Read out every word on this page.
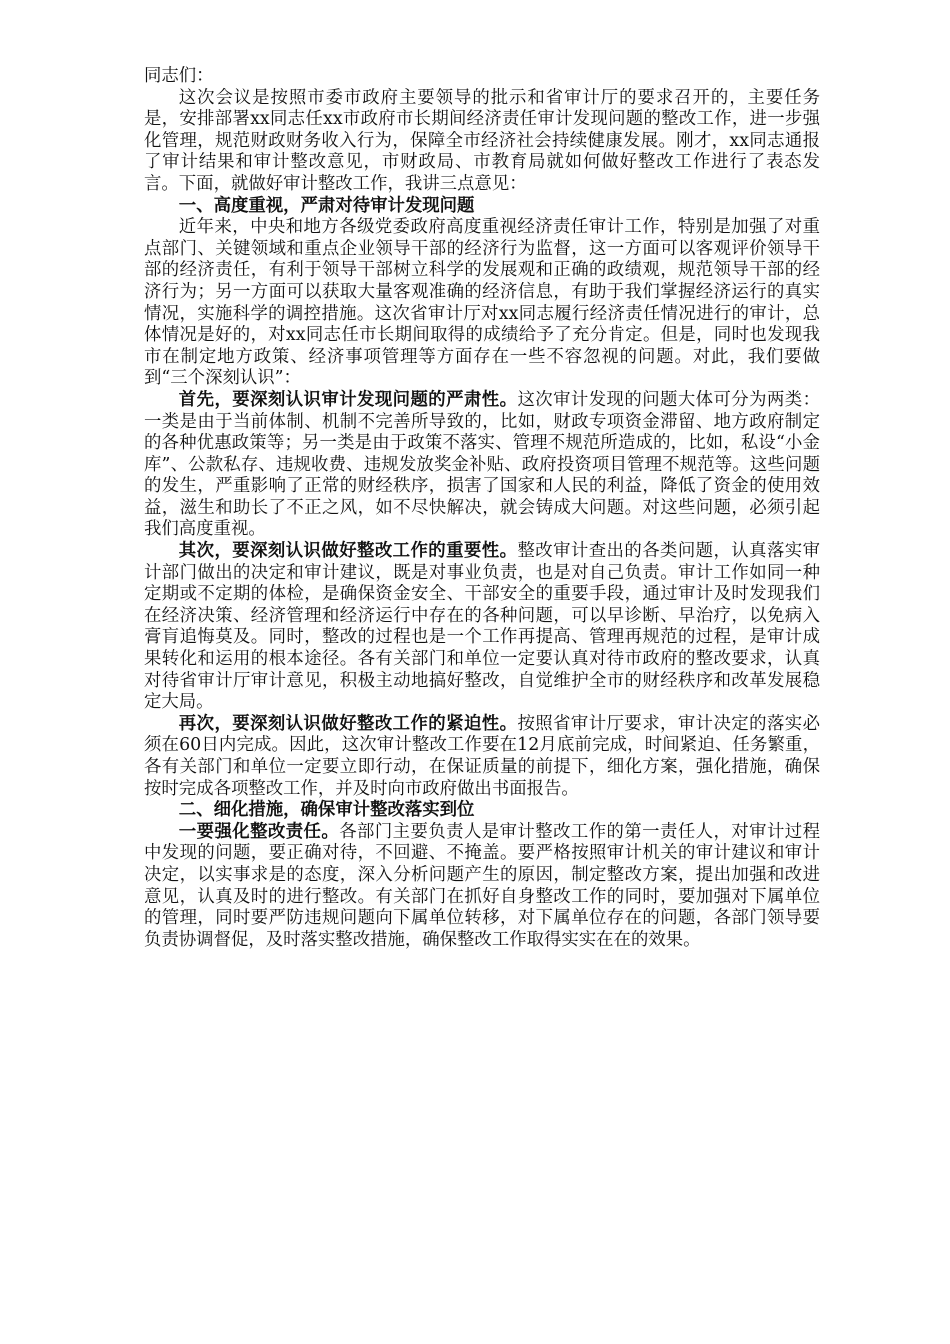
同志们：

这次会议是按照市委市政府主要领导的批示和省审计厅的要求召开的，主要任务是，安排部署xx同志任xx市政府市长期间经济责任审计发现问题的整改工作，进一步强化管理，规范财政财务收入行为，保障全市经济社会持续健康发展。刚才，xx同志通报了审计结果和审计整改意见，市财政局、市教育局就如何做好整改工作进行了表态发言。下面，就做好审计整改工作，我讲三点意见：

一、高度重视，严肃对待审计发现问题

近年来，中央和地方各级党委政府高度重视经济责任审计工作，特别是加强了对重点部门、关键领域和重点企业领导干部的经济行为监督，这一方面可以客观评价领导干部的经济责任，有利于领导干部树立科学的发展观和正确的政绩观，规范领导干部的经济行为；另一方面可以获取大量客观准确的经济信息，有助于我们掌握经济运行的真实情况，实施科学的调控措施。这次省审计厅对xx同志履行经济责任情况进行的审计，总体情况是好的，对xx同志任市长期间取得的成绩给予了充分肯定。但是，同时也发现我市在制定地方政策、经济事项管理等方面存在一些不容忽视的问题。对此，我们要做到“三个深刻认识”：

首先，要深刻认识审计发现问题的严肃性。这次审计发现的问题大体可分为两类：一类是由于当前体制、机制不完善所导致的，比如，财政专项资金滞留、地方政府制定的各种优惠政策等；另一类是由于政策不落实、管理不规范所造成的，比如，私设“小金库”、公款私存、违规收费、违规发放奖金补贴、政府投资项目管理不规范等。这些问题的发生，严重影响了正常的财经秩序，损害了国家和人民的利益，降低了资金的使用效益，滋生和助长了不正之风，如不尽快解决，就会铸成大问题。对这些问题，必须引起我们高度重视。

其次，要深刻认识做好整改工作的重要性。整改审计查出的各类问题，认真落实审计部门做出的决定和审计建议，既是对事业负责，也是对自己负责。审计工作如同一种定期或不定期的体检，是确保资金安全、干部安全的重要手段，通过审计及时发现我们在经济决策、经济管理和经济运行中存在的各种问题，可以早诊断、早治疗，以免病入膏肓追悔莫及。同时，整改的过程也是一个工作再提高、管理再规范的过程，是审计成果转化和运用的根本途径。各有关部门和单位一定要认真对待市政府的整改要求，认真对待省审计厅审计意见，积极主动地搞好整改，自觉维护全市的财经秩序和改革发展稳定大局。

再次，要深刻认识做好整改工作的紧迫性。按照省审计厅要求，审计决定的落实必须在60日内完成。因此，这次审计整改工作要在12月底前完成，时间紧迫、任务繁重，各有关部门和单位一定要立即行动，在保证质量的前提下，细化方案，强化措施，确保按时完成各项整改工作，并及时向市政府做出书面报告。

二、细化措施，确保审计整改落实到位

一要强化整改责任。各部门主要负责人是审计整改工作的第一责任人，对审计过程中发现的问题，要正确对待，不回避、不掩盖。要严格按照审计机关的审计建议和审计决定，以实事求是的态度，深入分析问题产生的原因，制定整改方案，提出加强和改进意见，认真及时的进行整改。有关部门在抓好自身整改工作的同时，要加强对下属单位的管理，同时要严防违规问题向下属单位转移，对下属单位存在的问题，各部门领导要负责协调督促，及时落实整改措施，确保整改工作取得实实在在的效果。
